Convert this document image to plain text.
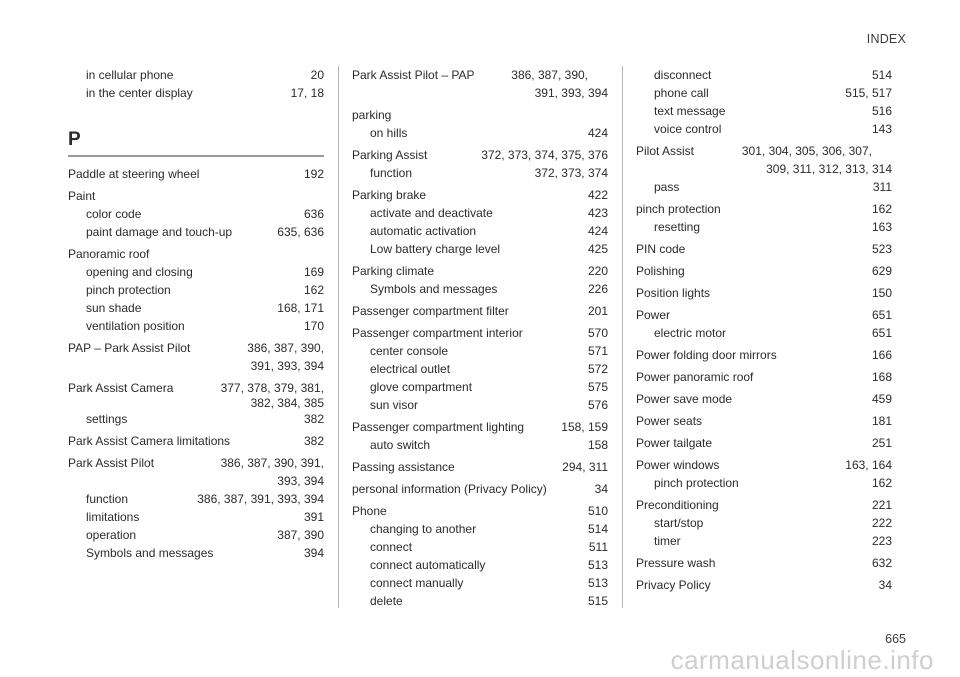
INDEX
in cellular phone	20
in the center display	17, 18
P
Paddle at steering wheel	192
Paint
color code	636
paint damage and touch-up	635, 636
Panoramic roof
opening and closing	169
pinch protection	162
sun shade	168, 171
ventilation position	170
PAP – Park Assist Pilot	386, 387, 390,
391, 393, 394
Park Assist Camera	377, 378, 379, 381,
382, 384, 385
settings	382
Park Assist Camera limitations	382
Park Assist Pilot	386, 387, 390, 391,
393, 394
function	386, 387, 391, 393, 394
limitations	391
operation	387, 390
Symbols and messages	394
Park Assist Pilot – PAP	386, 387, 390,
391, 393, 394
parking
on hills	424
Parking Assist	372, 373, 374, 375, 376
function	372, 373, 374
Parking brake	422
activate and deactivate	423
automatic activation	424
Low battery charge level	425
Parking climate	220
Symbols and messages	226
Passenger compartment filter	201
Passenger compartment interior	570
center console	571
electrical outlet	572
glove compartment	575
sun visor	576
Passenger compartment lighting	158, 159
auto switch	158
Passing assistance	294, 311
personal information (Privacy Policy)	34
Phone	510
changing to another	514
connect	511
connect automatically	513
connect manually	513
delete	515
disconnect	514
phone call	515, 517
text message	516
voice control	143
Pilot Assist	301, 304, 305, 306, 307,
309, 311, 312, 313, 314
pass	311
pinch protection	162
resetting	163
PIN code	523
Polishing	629
Position lights	150
Power	651
electric motor	651
Power folding door mirrors	166
Power panoramic roof	168
Power save mode	459
Power seats	181
Power tailgate	251
Power windows	163, 164
pinch protection	162
Preconditioning	221
start/stop	222
timer	223
Pressure wash	632
Privacy Policy	34
665
carmanualsonline.info
